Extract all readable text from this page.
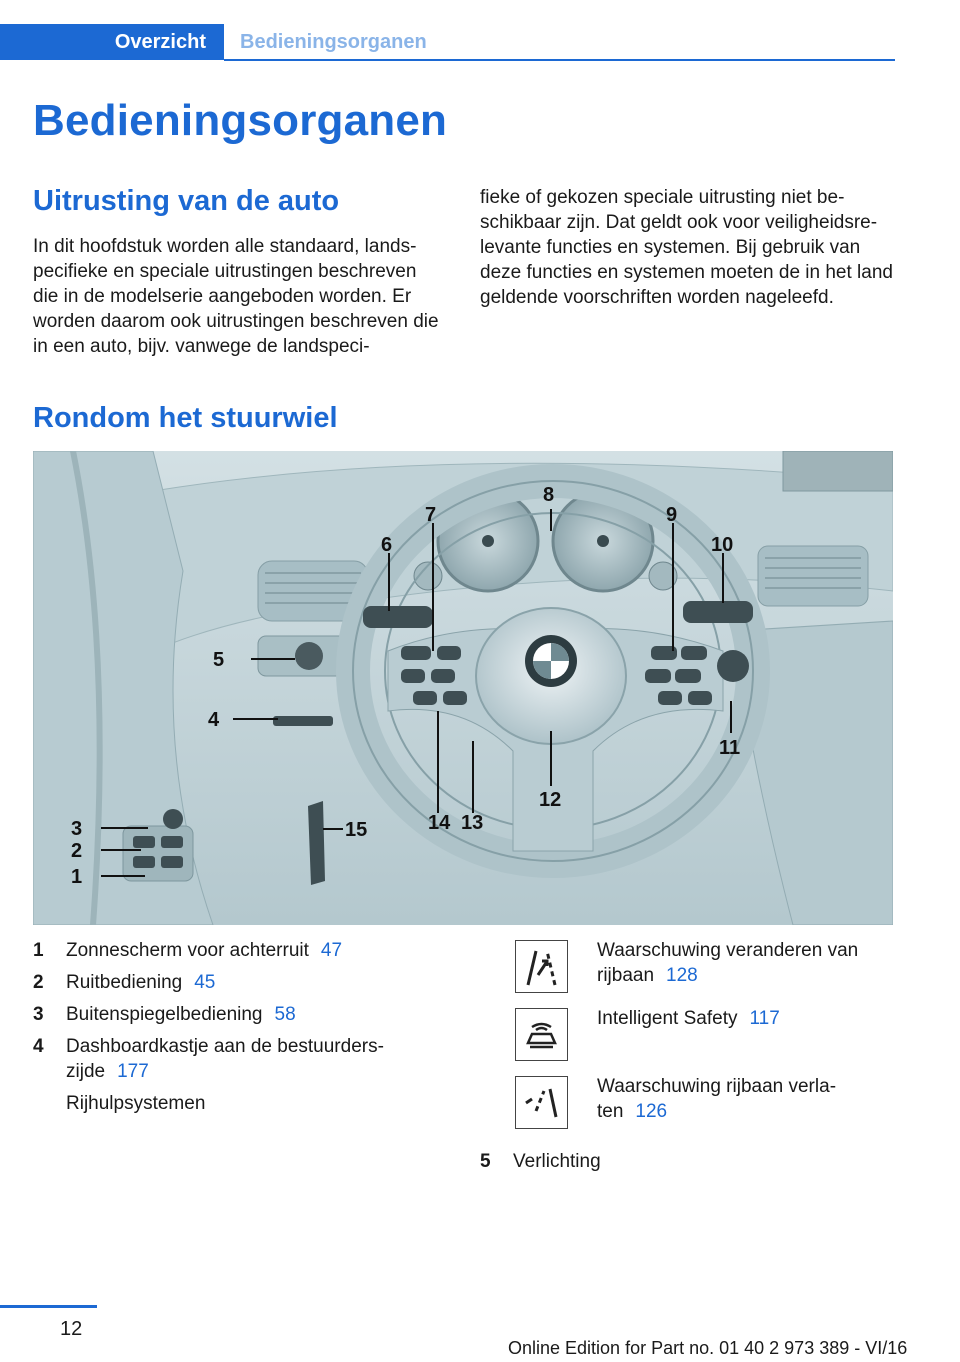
Overzicht	Bedieningsorganen
Bedieningsorganen
Uitrusting van de auto

In dit hoofdstuk worden alle standaard, landspecifieke en speciale uitrustingen beschreven die in de modelserie aangeboden worden. Er worden daarom ook uitrustingen beschreven die in een auto, bijv. vanwege de landspeci-

fieke of gekozen speciale uitrusting niet beschikbaar zijn. Dat geldt ook voor veiligheidsrelevante functies en systemen. Bij gebruik van deze functies en systemen moeten de in het land geldende voorschriften worden nageleefd.

Rondom het stuurwiel
3
2
1
4
5
6
7
8
9
10
11
12
13
14
15
1	Zonnescherm voor achterruit 47
2	Ruitbediening 45
3	Buitenspiegelbediening 58
4	Dashboardkastje aan de bestuurderszijde 177
Rijhulpsystemen
Waarschuwing veranderen van rijbaan 128
Intelligent Safety 117
Waarschuwing rijbaan verlaten 126
5 Verlichting
12
Online Edition for Part no. 01 40 2 973 389 - VI/16
